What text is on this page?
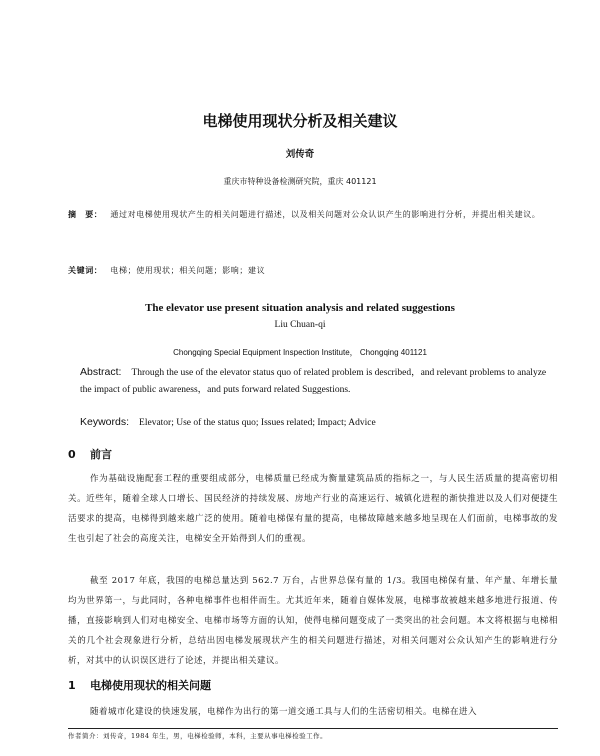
电梯使用现状分析及相关建议
刘传奇
重庆市特种设备检测研究院，重庆 401121
摘　要： 通过对电梯使用现状产生的相关问题进行描述，以及相关问题对公众认识产生的影响进行分析，并提出相关建议。
关键词： 电梯；使用现状；相关问题；影响；建议
The elevator use present situation analysis and related suggestions
Liu Chuan-qi
Chongqing Special Equipment Inspection Institute， Chongqing 401121
Abstract: Through the use of the elevator status quo of related problem is described，and relevant problems to analyze the impact of public awareness，and puts forward related Suggestions.
Keywords: Elevator; Use of the status quo; Issues related; Impact; Advice
0 前言

作为基础设施配套工程的重要组成部分，电梯质量已经成为衡量建筑品质的指标之一，与人民生活质量的提高密切相关。近些年，随着全球人口增长、国民经济的持续发展、房地产行业的高速运行、城镇化进程的渐快推进以及人们对便捷生活要求的提高，电梯得到越来越广泛的使用。随着电梯保有量的提高，电梯故障越来越多地呈现在人们面前，电梯事故的发生也引起了社会的高度关注，电梯安全开始得到人们的重视。

截至 2017 年底，我国的电梯总量达到 562.7 万台，占世界总保有量的 1/3。我国电梯保有量、年产量、年增长量均为世界第一，与此同时，各种电梯事件也相伴而生。尤其近年来，随着自媒体发展，电梯事故被越来越多地进行报道、传播，直接影响到人们对电梯安全、电梯市场等方面的认知，使得电梯问题变成了一类突出的社会问题。本文将根据与电梯相关的几个社会现象进行分析，总结出因电梯发展现状产生的相关问题进行描述，对相关问题对公众认知产生的影响进行分析，对其中的认识误区进行了论述，并提出相关建议。

1 电梯使用现状的相关问题

随着城市化建设的快速发展，电梯作为出行的第一道交通工具与人们的生活密切相关。电梯在进入

作者简介：刘传奇，1984 年生，男，电梯检验师，本科，主要从事电梯检验工作。
